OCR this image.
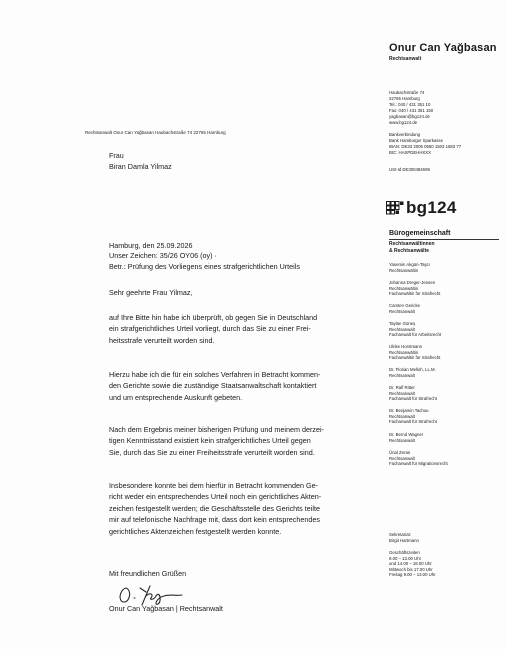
Onur Can Yağbasan
Rechtsanwalt
Haubachstraße 74
22765 Hamburg
Tel.: 040 / 431 351 10
Fax: 040 / 431 351 150
yagbasan@bg124.de
www.bg124.de
Bankverbindung
Bank Hamburger Sparkasse
IBAN: DE33 2005 0550 1503 1683 77
BIC: HASPDEHHXXX
USt-Id DE300484699
bg124
Bürogemeinschaft
Rechtsanwältinnen
& Rechtsanwälte
Yasemin Akgün-Taşcı
Rechtsanwältin
Johanna Dreger-Jensen
Rechtsanwältin
Fachanwältin für Strafrecht
Carsten Gericke
Rechtsanwalt
Taylan Güneş
Rechtsanwalt
Fachanwalt für Arbeitsrecht
Ulrike Horstmann
Rechtsanwältin
Fachanwältin für Strafrecht
Dr. Florian Melloh, LL.M.
Rechtsanwalt
Dr. Ralf Ritter
Rechtsanwalt
Fachanwalt für Strafrecht
Dr. Benjamin Tachou
Rechtsanwalt
Fachanwalt für Strafrecht
Dr. Bernd Wagner
Rechtsanwalt
Ünal Zeran
Rechtsanwalt
Fachanwalt für Migrationsrecht
Sekretariat:
Birgit Hartmann
Geschäftszeiten
9.00 – 13.00 Uhr
und 14.00 – 18.00 Uhr
Mittwoch bis 17.00 Uhr
Freitag 9.00 – 13.00 Uhr
Rechtsanwalt Onur Can Yağbasan Haubachstraße 74 22765 Hamburg
Frau
Biran Damla Yilmaz
Hamburg, den 25.09.2026
Unser Zeichen: 35/26 OY06 (oy) ·
Betr.: Prüfung des Vorliegens eines strafgerichtlichen Urteils
Sehr geehrte Frau Yilmaz,
auf Ihre Bitte hin habe ich überprüft, ob gegen Sie in Deutschland
ein strafgerichtliches Urteil vorliegt, durch das Sie zu einer Frei-
heitsstrafe verurteilt worden sind.
Hierzu habe ich die für ein solches Verfahren in Betracht kommen-
den Gerichte sowie die zuständige Staatsanwaltschaft kontaktiert
und um entsprechende Auskunft gebeten.
Nach dem Ergebnis meiner bisherigen Prüfung und meinem derzei-
tigen Kenntnisstand existiert kein strafgerichtliches Urteil gegen
Sie, durch das Sie zu einer Freiheitsstrafe verurteilt worden sind.
Insbesondere konnte bei dem hierfür in Betracht kommenden Ge-
richt weder ein entsprechendes Urteil noch ein gerichtliches Akten-
zeichen festgestellt werden; die Geschäftsstelle des Gerichts teilte
mir auf telefonische Nachfrage mit, dass dort kein entsprechendes
gerichtliches Aktenzeichen festgestellt werden konnte.
Mit freundlichen Grüßen
Onur Can Yağbasan | Rechtsanwalt
